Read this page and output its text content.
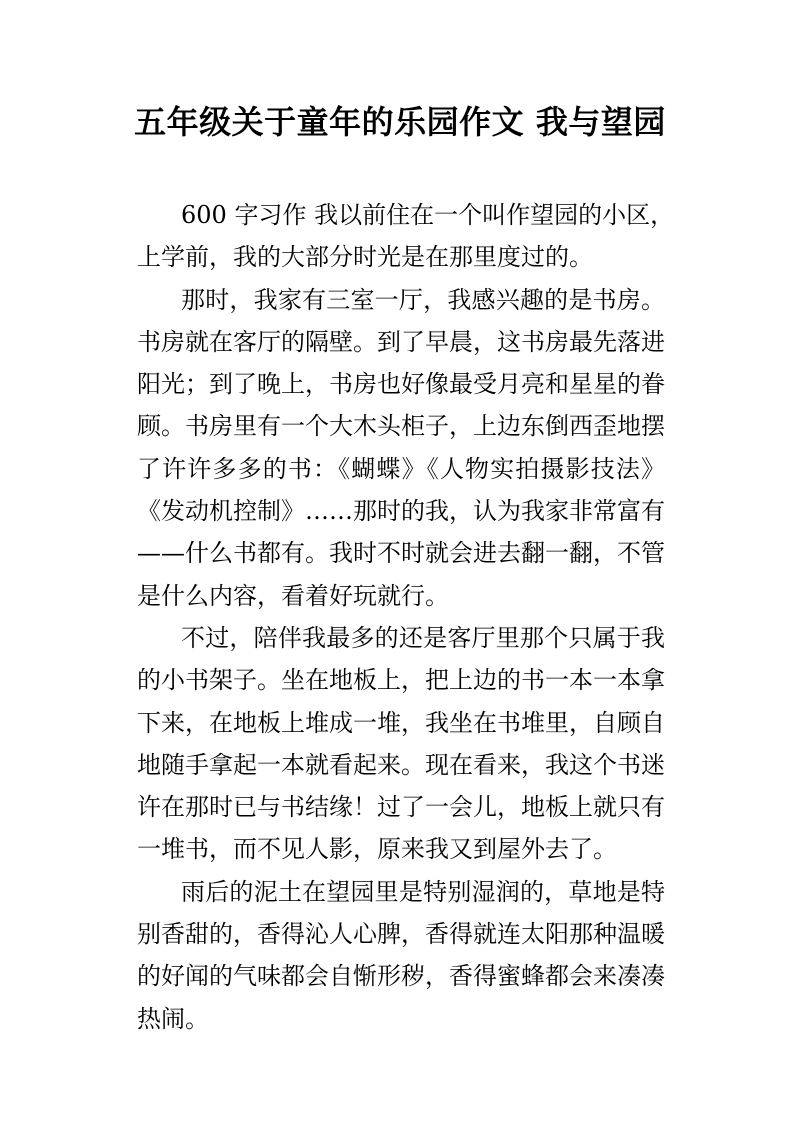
五年级关于童年的乐园作文 我与望园
600 字习作 我以前住在一个叫作望园的小区，
上学前，我的大部分时光是在那里度过的。
那时，我家有三室一厅，我感兴趣的是书房。
书房就在客厅的隔壁。到了早晨，这书房最先落进
阳光；到了晚上，书房也好像最受月亮和星星的眷
顾。书房里有一个大木头柜子，上边东倒西歪地摆
了许许多多的书：《蝴蝶》《人物实拍摄影技法》
《发动机控制》……那时的我，认为我家非常富有
——什么书都有。我时不时就会进去翻一翻，不管
是什么内容，看着好玩就行。
不过，陪伴我最多的还是客厅里那个只属于我
的小书架子。坐在地板上，把上边的书一本一本拿
下来，在地板上堆成一堆，我坐在书堆里，自顾自
地随手拿起一本就看起来。现在看来，我这个书迷
许在那时已与书结缘！过了一会儿，地板上就只有
一堆书，而不见人影，原来我又到屋外去了。
雨后的泥土在望园里是特别湿润的，草地是特
别香甜的，香得沁人心脾，香得就连太阳那种温暖
的好闻的气味都会自惭形秽，香得蜜蜂都会来凑凑
热闹。
